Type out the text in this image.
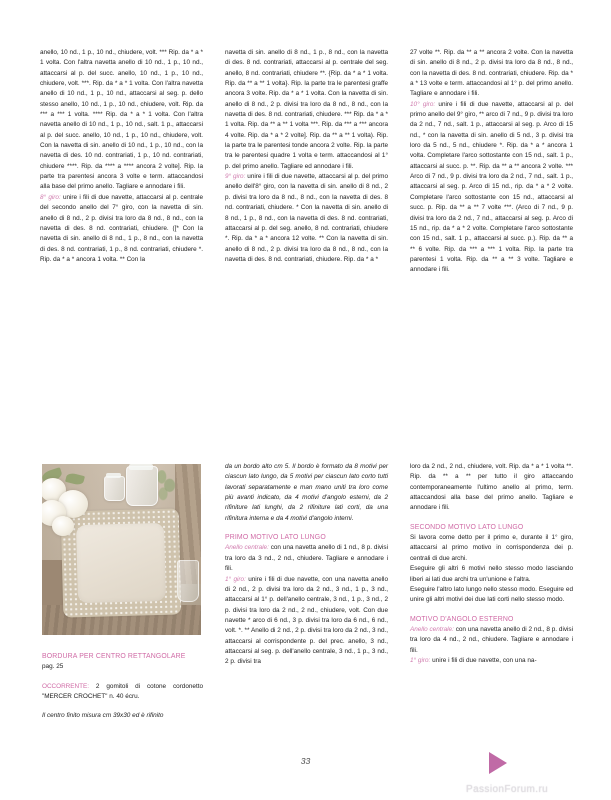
anello, 10 nd., 1 p., 10 nd., chiudere, volt. *** Rip. da * a * 1 volta. Con l'altra navetta anello di 10 nd., 1 p., 10 nd., attaccarsi al p. del succ. anello, 10 nd., 1 p., 10 nd., chiudere, volt. ***. Rip. da * a * 1 volta. Con l'altra navetta anello di 10 nd., 1 p., 10 nd., attaccarsi al seg. p. dello stesso anello, 10 nd., 1 p., 10 nd., chiudere, volt. Rip. da *** a *** 1 volta. **** Rip. da * a * 1 volta. Con l'altra navetta anello di 10 nd., 1 p., 10 nd., salt. 1 p., attaccarsi al p. del succ. anello, 10 nd., 1 p., 10 nd., chiudere, volt. Con la navetta di sin. anello di 10 nd., 1 p., 10 nd., con la navetta di des. 10 nd. contrariati, 1 p., 10 nd. contrariati, chiudere ****. Rip. da **** a **** ancora 2 volte]. Rip. la parte tra parentesi ancora 3 volte e term. attaccandosi alla base del primo anello. Tagliare e annodare i fili.

8° giro: unire i fili di due navette, attaccarsi al p. centrale del secondo anello del 7° giro, con la navetta di sin. anello di 8 nd., 2 p. divisi tra loro da 8 nd., 8 nd., con la navetta di des. 8 nd. contrariati, chiudere. ([* Con la navetta di sin. anello di 8 nd., 1 p., 8 nd., con la navetta di des. 8 nd. contrariati, 1 p., 8 nd. contrariati, chiudere *. Rip. da * a * ancora 1 volta. ** Con la

navetta di sin. anello di 8 nd., 1 p., 8 nd., con la navetta di des. 8 nd. contrariati, attaccarsi al p. centrale del seg. anello, 8 nd. contrariati, chiudere **. {Rip. da * a * 1 volta. Rip. da ** a ** 1 volta}. Rip. la parte tra le parentesi graffe ancora 3 volte. Rip. da * a * 1 volta. Con la navetta di sin. anello di 8 nd., 2 p. divisi tra loro da 8 nd., 8 nd., con la navetta di des. 8 nd. contrariati, chiudere. *** Rip. da * a * 1 volta. Rip. da ** a ** 1 volta ***. Rip. da *** a *** ancora 4 volte. Rip. da * a * 2 volte]. Rip. da ** a ** 1 volta). Rip. la parte tra le parentesi tonde ancora 2 volte. Rip. la parte tra le parentesi quadre 1 volta e term. attaccandosi al 1° p. del primo anello. Tagliare ed annodare i fili.

9° giro: unire i fili di due navette, attaccarsi al p. del primo anello dell'8° giro, con la navetta di sin. anello di 8 nd., 2 p. divisi tra loro da 8 nd., 8 nd., con la navetta di des. 8 nd. contrariati, chiudere. * Con la navetta di sin. anello di 8 nd., 1 p., 8 nd., con la navetta di des. 8 nd. contrariati, attaccarsi al p. del seg. anello, 8 nd. contrariati, chiudere *. Rip. da * a * ancora 12 volte. ** Con la navetta di sin. anello di 8 nd., 2 p. divisi tra loro da 8 nd., 8 nd., con la navetta di des. 8 nd. contrariati, chiudere. Rip. da * a *

27 volte **. Rip. da ** a ** ancora 2 volte. Con la navetta di sin. anello di 8 nd., 2 p. divisi tra loro da 8 nd., 8 nd., con la navetta di des. 8 nd. contrariati, chiudere. Rip. da * a * 13 volte e term. attaccandosi al 1° p. del primo anello. Tagliare e annodare i fili.

10° giro: unire i fili di due navette, attaccarsi al p. del primo anello del 9° giro, ** arco di 7 nd., 9 p. divisi tra loro da 2 nd., 7 nd., salt. 1 p., attaccarsi al seg. p. Arco di 15 nd., * con la navetta di sin. anello di 5 nd., 3 p. divisi tra loro da 5 nd., 5 nd., chiudere *. Rip. da * a * ancora 1 volta. Completare l'arco sottostante con 15 nd., salt. 1 p., attaccarsi al succ. p. **. Rip. da ** a ** ancora 2 volte. *** Arco di 7 nd., 9 p. divisi tra loro da 2 nd., 7 nd., salt. 1 p., attaccarsi al seg. p. Arco di 15 nd., rip. da * a * 2 volte. Completare l'arco sottostante con 15 nd., attaccarsi al succ. p. Rip. da ** a ** 7 volte ***. (Arco di 7 nd., 9 p. divisi tra loro da 2 nd., 7 nd., attaccarsi al seg. p. Arco di 15 nd., rip. da * a * 2 volte. Completare l'arco sottostante con 15 nd., salt. 1 p., attaccarsi al succ. p.). Rip. da ** a ** 6 volte. Rip. da *** a *** 1 volta. Rip. la parte tra parentesi 1 volta. Rip. da ** a ** 3 volte. Tagliare e annodare i fili.

BORDURA PER CENTRO RETTANGOLARE

pag. 25

OCCORRENTE: 2 gomitoli di cotone cordonetto "MERCER CROCHET" n. 40 écru.

Il centro finito misura cm 39x30 ed è rifinito

da un bordo alto cm 5. Il bordo è formato da 8 motivi per ciascun lato lungo, da 5 motivi per ciascun lato corto tutti lavorati separatamente e man mano uniti tra loro come più avanti indicato, da 4 motivi d'angolo esterni, da 2 rifiniture lati lunghi, da 2 rifiniture lati corti, da una rifinitura interna e da 4 motivi d'angolo interni.

PRIMO MOTIVO LATO LUNGO

Anello centrale: con una navetta anello di 1 nd., 8 p. divisi tra loro da 3 nd., 2 nd., chiudere. Tagliare e annodare i fili.

1° giro: unire i fili di due navette, con una navetta anello di 2 nd., 2 p. divisi tra loro da 2 nd., 3 nd., 1 p., 3 nd., attaccarsi al 1° p. dell'anello centrale, 3 nd., 1 p., 3 nd., 2 p. divisi tra loro da 2 nd., 2 nd., chiudere, volt. Con due navette * arco di 6 nd., 3 p. divisi tra loro da 6 nd., 6 nd., volt. *. ** Anello di 2 nd., 2 p. divisi tra loro da 2 nd., 3 nd., attaccarsi al corrispondente p. del prec. anello, 3 nd., attaccarsi al seg. p. dell'anello centrale, 3 nd., 1 p., 3 nd., 2 p. divisi tra

loro da 2 nd., 2 nd., chiudere, volt. Rip. da * a * 1 volta **. Rip. da ** a ** per tutto il giro attaccando contemporaneamente l'ultimo anello al primo, term. attaccandosi alla base del primo anello. Tagliare e annodare i fili.

SECONDO MOTIVO LATO LUNGO

Si lavora come detto per il primo e, durante il 1° giro, attaccarsi al primo motivo in corrispondenza dei p. centrali di due archi.

Eseguire gli altri 6 motivi nello stesso modo lasciando liberi ai lati due archi tra un'unione e l'altra.

Eseguire l'altro lato lungo nello stesso modo. Eseguire ed unire gli altri motivi dei due lati corti nello stesso modo.

MOTIVO D'ANGOLO ESTERNO

Anello centrale: con una navetta anello di 2 nd., 8 p. divisi tra loro da 4 nd., 2 nd., chiudere. Tagliare e annodare i fili.

1° giro: unire i fili di due navette, con una na-

33
PassionForum.ru
